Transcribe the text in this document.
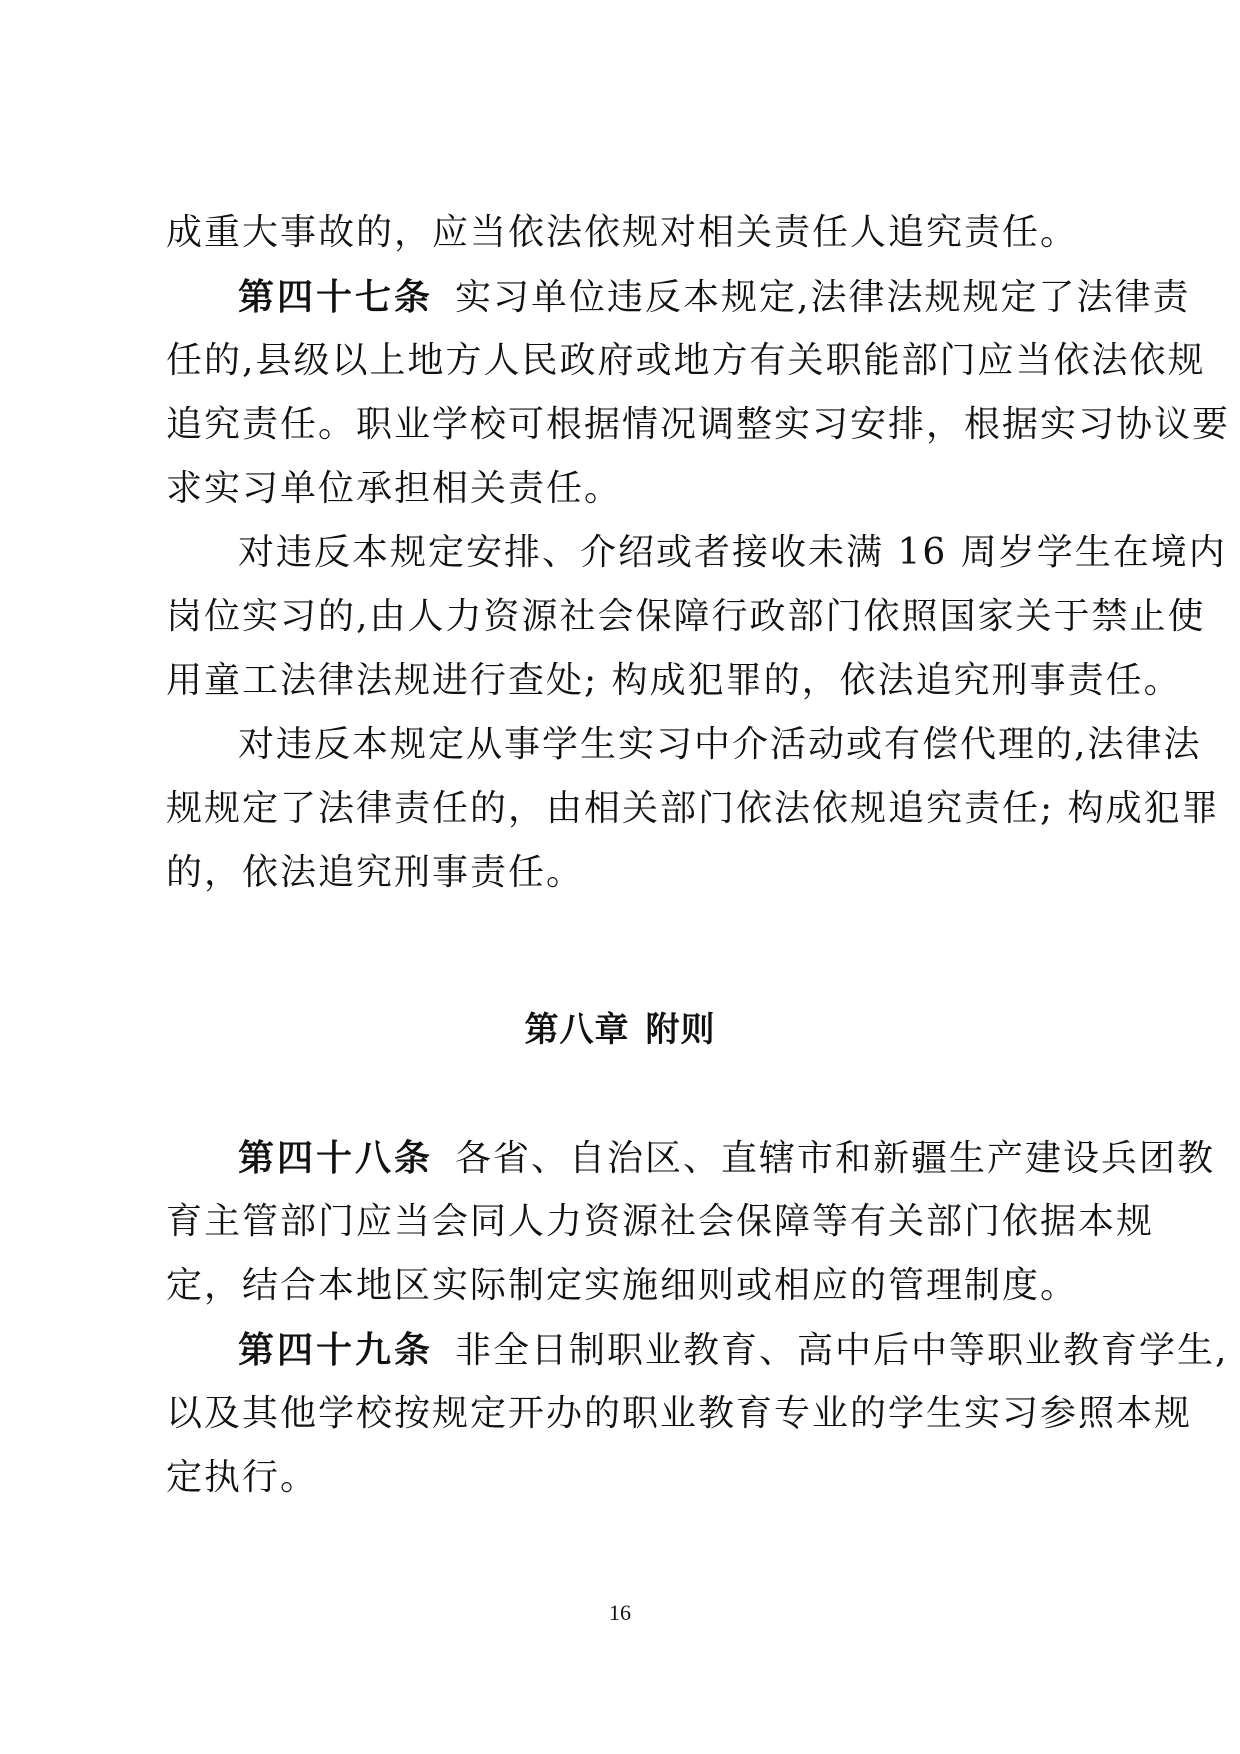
成重大事故的，应当依法依规对相关责任人追究责任。
第四十七条 实习单位违反本规定,法律法规规定了法律责
任的,县级以上地方人民政府或地方有关职能部门应当依法依规
追究责任。职业学校可根据情况调整实习安排，根据实习协议要
求实习单位承担相关责任。
对违反本规定安排、介绍或者接收未满 16 周岁学生在境内
岗位实习的,由人力资源社会保障行政部门依照国家关于禁止使
用童工法律法规进行查处; 构成犯罪的，依法追究刑事责任。
对违反本规定从事学生实习中介活动或有偿代理的,法律法
规规定了法律责任的，由相关部门依法依规追究责任; 构成犯罪
的，依法追究刑事责任。
第八章 附则
第四十八条 各省、自治区、直辖市和新疆生产建设兵团教
育主管部门应当会同人力资源社会保障等有关部门依据本规
定，结合本地区实际制定实施细则或相应的管理制度。
第四十九条 非全日制职业教育、高中后中等职业教育学生,
以及其他学校按规定开办的职业教育专业的学生实习参照本规
定执行。
16
